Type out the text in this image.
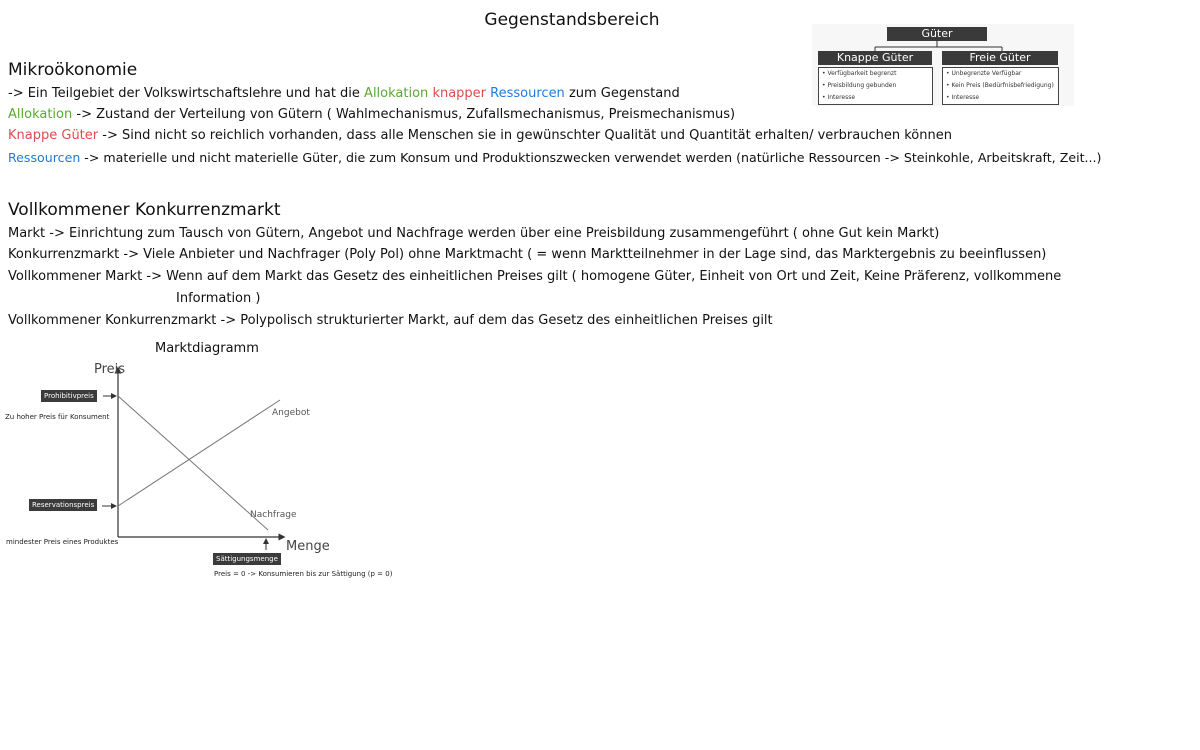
Gegenstandsbereich
Güter
Knappe Güter
• Verfügbarkeit begrenzt
• Preisbildung gebunden
• Interesse
Freie Güter
• Unbegrenzte Verfügbar
• Kein Preis (Bedürfnisbefriedigung)
• Interesse
Mikroökonomie
-> Ein Teilgebiet der Volkswirtschaftslehre und hat die Allokation knapper Ressourcen zum Gegenstand
Allokation -> Zustand der Verteilung von Gütern ( Wahlmechanismus, Zufallsmechanismus, Preismechanismus)
Knappe Güter -> Sind nicht so reichlich vorhanden, dass alle Menschen sie in gewünschter Qualität und Quantität erhalten/ verbrauchen können
Ressourcen -> materielle und nicht materielle Güter, die zum Konsum und Produktionszwecken verwendet werden (natürliche Ressourcen -> Steinkohle, Arbeitskraft, Zeit...)
Vollkommener Konkurrenzmarkt
Markt -> Einrichtung zum Tausch von Gütern, Angebot und Nachfrage werden über eine Preisbildung zusammengeführt ( ohne Gut kein Markt)
Konkurrenzmarkt -> Viele Anbieter und Nachfrager (Poly Pol) ohne Marktmacht ( = wenn Marktteilnehmer in der Lage sind, das Marktergebnis zu beeinflussen)
Vollkommener Markt -> Wenn auf dem Markt das Gesetz des einheitlichen Preises gilt ( homogene Güter, Einheit von Ort und Zeit, Keine Präferenz, vollkommene
Information )
Vollkommener Konkurrenzmarkt -> Polypolisch strukturierter Markt, auf dem das Gesetz des einheitlichen Preises gilt
Marktdiagramm
Preis
Menge
Angebot
Nachfrage
Prohibitivpreis
Zu hoher Preis für Konsument
Reservationspreis
mindester Preis eines Produktes
Sättigungsmenge
Preis = 0 -> Konsumieren bis zur Sättigung (p = 0)
